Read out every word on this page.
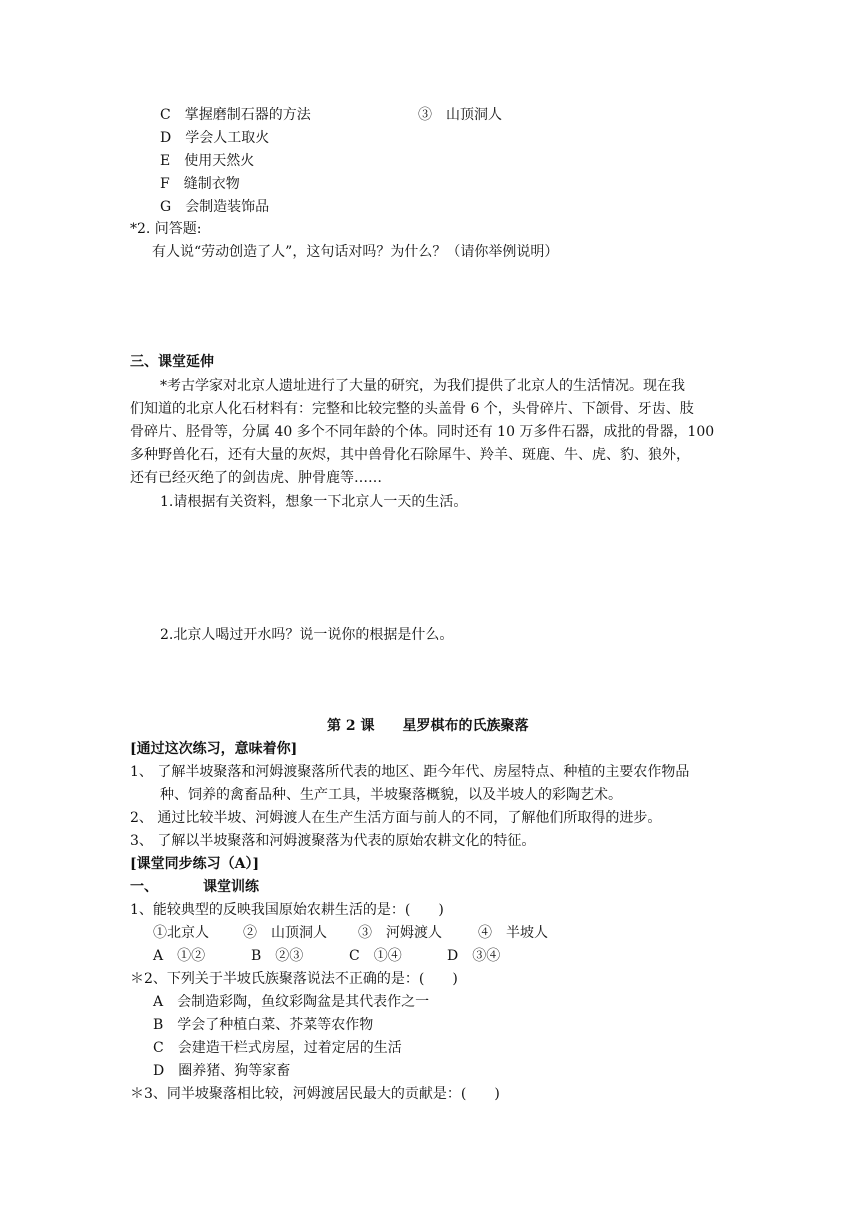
C　 掌握磨制石器的方法	③　 山顶洞人
D　 学会人工取火
E　 使用天然火
F　 缝制衣物
G　 会制造装饰品
*2. 问答题:
有人说“劳动创造了人”，这句话对吗？为什么？（请你举例说明）
三、课堂延伸
*考古学家对北京人遗址进行了大量的研究，为我们提供了北京人的生活情况。现在我
们知道的北京人化石材料有：完整和比较完整的头盖骨 6 个，头骨碎片、下颌骨、牙齿、肢
骨碎片、胫骨等，分属 40 多个不同年龄的个体。同时还有 10 万多件石器，成批的骨器，100
多种野兽化石，还有大量的灰烬，其中兽骨化石除犀牛、羚羊、斑鹿、牛、虎、豹、狼外，
还有已经灭绝了的剑齿虎、肿骨鹿等……
1.请根据有关资料，想象一下北京人一天的生活。
2.北京人喝过开水吗？说一说你的根据是什么。
第 2 课　　星罗棋布的氏族聚落
[通过这次练习，意味着你]
1、 了解半坡聚落和河姆渡聚落所代表的地区、距今年代、房屋特点、种植的主要农作物品
种、饲养的禽畜品种、生产工具，半坡聚落概貌，以及半坡人的彩陶艺术。
2、 通过比较半坡、河姆渡人在生产生活方面与前人的不同，了解他们所取得的进步。
3、 了解以半坡聚落和河姆渡聚落为代表的原始农耕文化的特征。
[课堂同步练习（A）]
一、	课堂训练
1、能较典型的反映我国原始农耕生活的是：(　　)
①北京人 ②　山顶洞人 ③　河姆渡人	④　半坡人
A　①②	B　②③	C　①④	D　③④
＊2、下列关于半坡氏族聚落说法不正确的是：(　　)
A　会制造彩陶，鱼纹彩陶盆是其代表作之一
B　学会了种植白菜、芥菜等农作物
C　会建造干栏式房屋，过着定居的生活
D　圈养猪、狗等家畜
＊3、同半坡聚落相比较，河姆渡居民最大的贡献是：(　　)
